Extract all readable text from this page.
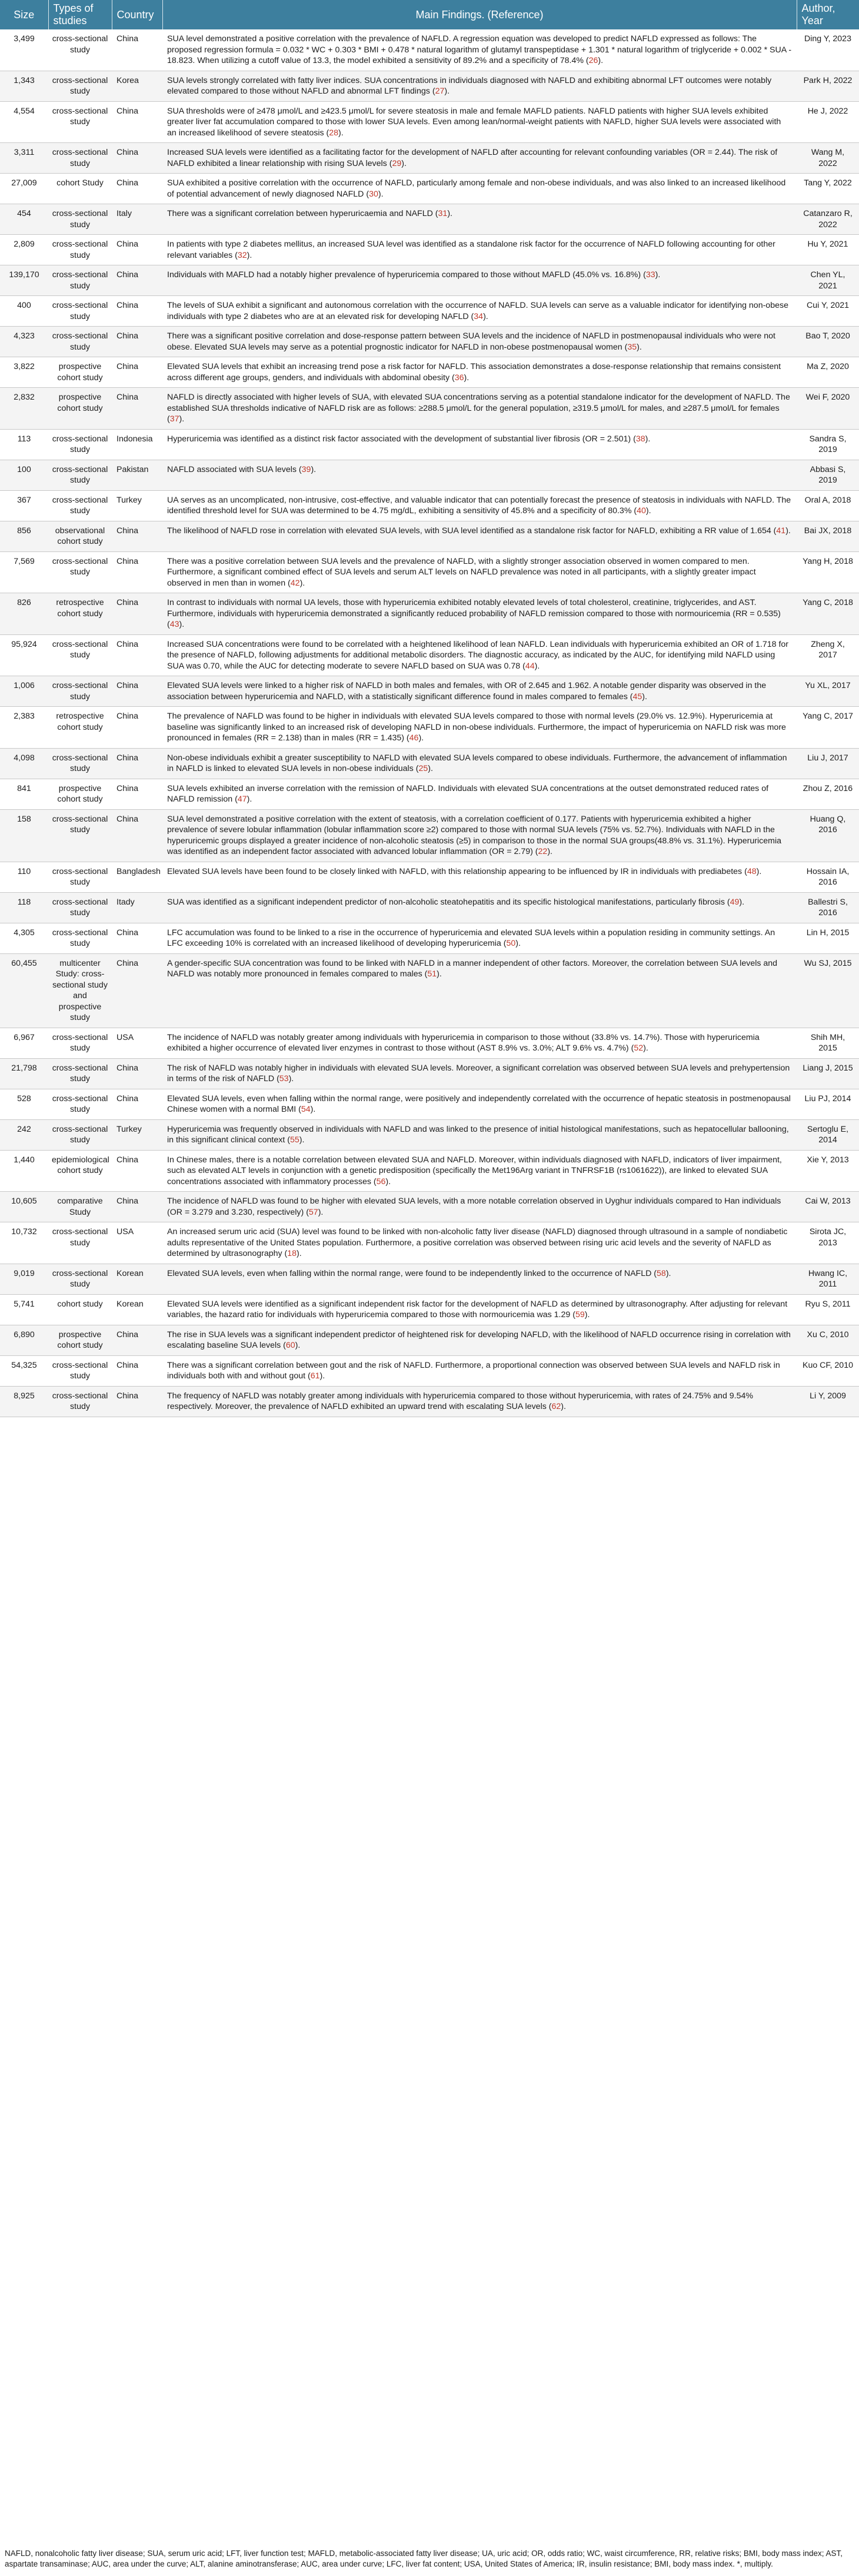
Size	Types of studies	Country	Main Findings. (Reference)	Author, Year
3,499	cross-sectional study	China	SUA level demonstrated a positive correlation with the prevalence of NAFLD. A regression equation was developed to predict NAFLD expressed as follows: The proposed regression formula = 0.032 * WC + 0.303 * BMI + 0.478 * natural logarithm of glutamyl transpeptidase + 1.301 * natural logarithm of triglyceride + 0.002 * SUA - 18.823. When utilizing a cutoff value of 13.3, the model exhibited a sensitivity of 89.2% and a specificity of 78.4% (26).	Ding Y, 2023
1,343	cross-sectional study	Korea	SUA levels strongly correlated with fatty liver indices. SUA concentrations in individuals diagnosed with NAFLD and exhibiting abnormal LFT outcomes were notably elevated compared to those without NAFLD and abnormal LFT findings (27).	Park H, 2022
4,554	cross-sectional study	China	SUA thresholds were of ≥478 μmol/L and ≥423.5 μmol/L for severe steatosis in male and female MAFLD patients. NAFLD patients with higher SUA levels exhibited greater liver fat accumulation compared to those with lower SUA levels. Even among lean/normal-weight patients with NAFLD, higher SUA levels were associated with an increased likelihood of severe steatosis (28).	He J, 2022
3,311	cross-sectional study	China	Increased SUA levels were identified as a facilitating factor for the development of NAFLD after accounting for relevant confounding variables (OR = 2.44). The risk of NAFLD exhibited a linear relationship with rising SUA levels (29).	Wang M, 2022
27,009	cohort Study	China	SUA exhibited a positive correlation with the occurrence of NAFLD, particularly among female and non-obese individuals, and was also linked to an increased likelihood of potential advancement of newly diagnosed NAFLD (30).	Tang Y, 2022
454	cross-sectional study	Italy	There was a significant correlation between hyperuricaemia and NAFLD (31).	Catanzaro R, 2022
2,809	cross-sectional study	China	In patients with type 2 diabetes mellitus, an increased SUA level was identified as a standalone risk factor for the occurrence of NAFLD following accounting for other relevant variables (32).	Hu Y, 2021
139,170	cross-sectional study	China	Individuals with MAFLD had a notably higher prevalence of hyperuricemia compared to those without MAFLD (45.0% vs. 16.8%) (33).	Chen YL, 2021
400	cross-sectional study	China	The levels of SUA exhibit a significant and autonomous correlation with the occurrence of NAFLD. SUA levels can serve as a valuable indicator for identifying non-obese individuals with type 2 diabetes who are at an elevated risk for developing NAFLD (34).	Cui Y, 2021
4,323	cross-sectional study	China	There was a significant positive correlation and dose-response pattern between SUA levels and the incidence of NAFLD in postmenopausal individuals who were not obese. Elevated SUA levels may serve as a potential prognostic indicator for NAFLD in non-obese postmenopausal women (35).	Bao T, 2020
3,822	prospective cohort study	China	Elevated SUA levels that exhibit an increasing trend pose a risk factor for NAFLD. This association demonstrates a dose-response relationship that remains consistent across different age groups, genders, and individuals with abdominal obesity (36).	Ma Z, 2020
2,832	prospective cohort study	China	NAFLD is directly associated with higher levels of SUA, with elevated SUA concentrations serving as a potential standalone indicator for the development of NAFLD. The established SUA thresholds indicative of NAFLD risk are as follows: ≥288.5 μmol/L for the general population, ≥319.5 μmol/L for males, and ≥287.5 μmol/L for females (37).	Wei F, 2020
113	cross-sectional study	Indonesia	Hyperuricemia was identified as a distinct risk factor associated with the development of substantial liver fibrosis (OR = 2.501) (38).	Sandra S, 2019
100	cross-sectional study	Pakistan	NAFLD associated with SUA levels (39).	Abbasi S, 2019
367	cross-sectional study	Turkey	UA serves as an uncomplicated, non-intrusive, cost-effective, and valuable indicator that can potentially forecast the presence of steatosis in individuals with NAFLD. The identified threshold level for SUA was determined to be 4.75 mg/dL, exhibiting a sensitivity of 45.8% and a specificity of 80.3% (40).	Oral A, 2018
856	observational cohort study	China	The likelihood of NAFLD rose in correlation with elevated SUA levels, with SUA level identified as a standalone risk factor for NAFLD, exhibiting a RR value of 1.654 (41).	Bai JX, 2018
7,569	cross-sectional study	China	There was a positive correlation between SUA levels and the prevalence of NAFLD, with a slightly stronger association observed in women compared to men. Furthermore, a significant combined effect of SUA levels and serum ALT levels on NAFLD prevalence was noted in all participants, with a slightly greater impact observed in men than in women (42).	Yang H, 2018
826	retrospective cohort study	China	In contrast to individuals with normal UA levels, those with hyperuricemia exhibited notably elevated levels of total cholesterol, creatinine, triglycerides, and AST. Furthermore, individuals with hyperuricemia demonstrated a significantly reduced probability of NAFLD remission compared to those with normouricemia (RR = 0.535) (43).	Yang C, 2018
95,924	cross-sectional study	China	Increased SUA concentrations were found to be correlated with a heightened likelihood of lean NAFLD. Lean individuals with hyperuricemia exhibited an OR of 1.718 for the presence of NAFLD, following adjustments for additional metabolic disorders. The diagnostic accuracy, as indicated by the AUC, for identifying mild NAFLD using SUA was 0.70, while the AUC for detecting moderate to severe NAFLD based on SUA was 0.78 (44).	Zheng X, 2017
1,006	cross-sectional study	China	Elevated SUA levels were linked to a higher risk of NAFLD in both males and females, with OR of 2.645 and 1.962. A notable gender disparity was observed in the association between hyperuricemia and NAFLD, with a statistically significant difference found in males compared to females (45).	Yu XL, 2017
2,383	retrospective cohort study	China	The prevalence of NAFLD was found to be higher in individuals with elevated SUA levels compared to those with normal levels (29.0% vs. 12.9%). Hyperuricemia at baseline was significantly linked to an increased risk of developing NAFLD in non-obese individuals. Furthermore, the impact of hyperuricemia on NAFLD risk was more pronounced in females (RR = 2.138) than in males (RR = 1.435) (46).	Yang C, 2017
4,098	cross-sectional study	China	Non-obese individuals exhibit a greater susceptibility to NAFLD with elevated SUA levels compared to obese individuals. Furthermore, the advancement of inflammation in NAFLD is linked to elevated SUA levels in non-obese individuals (25).	Liu J, 2017
841	prospective cohort study	China	SUA levels exhibited an inverse correlation with the remission of NAFLD. Individuals with elevated SUA concentrations at the outset demonstrated reduced rates of NAFLD remission (47).	Zhou Z, 2016
158	cross-sectional study	China	SUA level demonstrated a positive correlation with the extent of steatosis, with a correlation coefficient of 0.177. Patients with hyperuricemia exhibited a higher prevalence of severe lobular inflammation (lobular inflammation score ≥2) compared to those with normal SUA levels (75% vs. 52.7%). Individuals with NAFLD in the hyperuricemic groups displayed a greater incidence of non-alcoholic steatosis (≥5) in comparison to those in the normal SUA groups(48.8% vs. 31.1%). Hyperuricemia was identified as an independent factor associated with advanced lobular inflammation (OR = 2.79) (22).	Huang Q, 2016
110	cross-sectional study	Bangladesh	Elevated SUA levels have been found to be closely linked with NAFLD, with this relationship appearing to be influenced by IR in individuals with prediabetes (48).	Hossain IA, 2016
118	cross-sectional study	Itady	SUA was identified as a significant independent predictor of non-alcoholic steatohepatitis and its specific histological manifestations, particularly fibrosis (49).	Ballestri S, 2016
4,305	cross-sectional study	China	LFC accumulation was found to be linked to a rise in the occurrence of hyperuricemia and elevated SUA levels within a population residing in community settings. An LFC exceeding 10% is correlated with an increased likelihood of developing hyperuricemia (50).	Lin H, 2015
60,455	multicenter Study: cross-sectional study and prospective study	China	A gender-specific SUA concentration was found to be linked with NAFLD in a manner independent of other factors. Moreover, the correlation between SUA levels and NAFLD was notably more pronounced in females compared to males (51).	Wu SJ, 2015
6,967	cross-sectional study	USA	The incidence of NAFLD was notably greater among individuals with hyperuricemia in comparison to those without (33.8% vs. 14.7%). Those with hyperuricemia exhibited a higher occurrence of elevated liver enzymes in contrast to those without (AST 8.9% vs. 3.0%; ALT 9.6% vs. 4.7%) (52).	Shih MH, 2015
21,798	cross-sectional study	China	The risk of NAFLD was notably higher in individuals with elevated SUA levels. Moreover, a significant correlation was observed between SUA levels and prehypertension in terms of the risk of NAFLD (53).	Liang J, 2015
528	cross-sectional study	China	Elevated SUA levels, even when falling within the normal range, were positively and independently correlated with the occurrence of hepatic steatosis in postmenopausal Chinese women with a normal BMI (54).	Liu PJ, 2014
242	cross-sectional study	Turkey	Hyperuricemia was frequently observed in individuals with NAFLD and was linked to the presence of initial histological manifestations, such as hepatocellular ballooning, in this significant clinical context (55).	Sertoglu E, 2014
1,440	epidemiological cohort study	China	In Chinese males, there is a notable correlation between elevated SUA and NAFLD. Moreover, within individuals diagnosed with NAFLD, indicators of liver impairment, such as elevated ALT levels in conjunction with a genetic predisposition (specifically the Met196Arg variant in TNFRSF1B (rs1061622)), are linked to elevated SUA concentrations associated with inflammatory processes (56).	Xie Y, 2013
10,605	comparative Study	China	The incidence of NAFLD was found to be higher with elevated SUA levels, with a more notable correlation observed in Uyghur individuals compared to Han individuals (OR = 3.279 and 3.230, respectively) (57).	Cai W, 2013
10,732	cross-sectional study	USA	An increased serum uric acid (SUA) level was found to be linked with non-alcoholic fatty liver disease (NAFLD) diagnosed through ultrasound in a sample of nondiabetic adults representative of the United States population. Furthermore, a positive correlation was observed between rising uric acid levels and the severity of NAFLD as determined by ultrasonography (18).	Sirota JC, 2013
9,019	cross-sectional study	Korean	Elevated SUA levels, even when falling within the normal range, were found to be independently linked to the occurrence of NAFLD (58).	Hwang IC, 2011
5,741	cohort study	Korean	Elevated SUA levels were identified as a significant independent risk factor for the development of NAFLD as determined by ultrasonography. After adjusting for relevant variables, the hazard ratio for individuals with hyperuricemia compared to those with normouricemia was 1.29 (59).	Ryu S, 2011
6,890	prospective cohort study	China	The rise in SUA levels was a significant independent predictor of heightened risk for developing NAFLD, with the likelihood of NAFLD occurrence rising in correlation with escalating baseline SUA levels (60).	Xu C, 2010
54,325	cross-sectional study	China	There was a significant correlation between gout and the risk of NAFLD. Furthermore, a proportional connection was observed between SUA levels and NAFLD risk in individuals both with and without gout (61).	Kuo CF, 2010
8,925	cross-sectional study	China	The frequency of NAFLD was notably greater among individuals with hyperuricemia compared to those without hyperuricemia, with rates of 24.75% and 9.54% respectively. Moreover, the prevalence of NAFLD exhibited an upward trend with escalating SUA levels (62).	Li Y, 2009
NAFLD, nonalcoholic fatty liver disease; SUA, serum uric acid; LFT, liver function test; MAFLD, metabolic-associated fatty liver disease; UA, uric acid; OR, odds ratio; WC, waist circumference, RR, relative risks; BMI, body mass index; AST, aspartate transaminase; AUC, area under the curve; ALT, alanine aminotransferase; AUC, area under curve; LFC, liver fat content; USA, United States of America; IR, insulin resistance; BMI, body mass index. *, multiply.
